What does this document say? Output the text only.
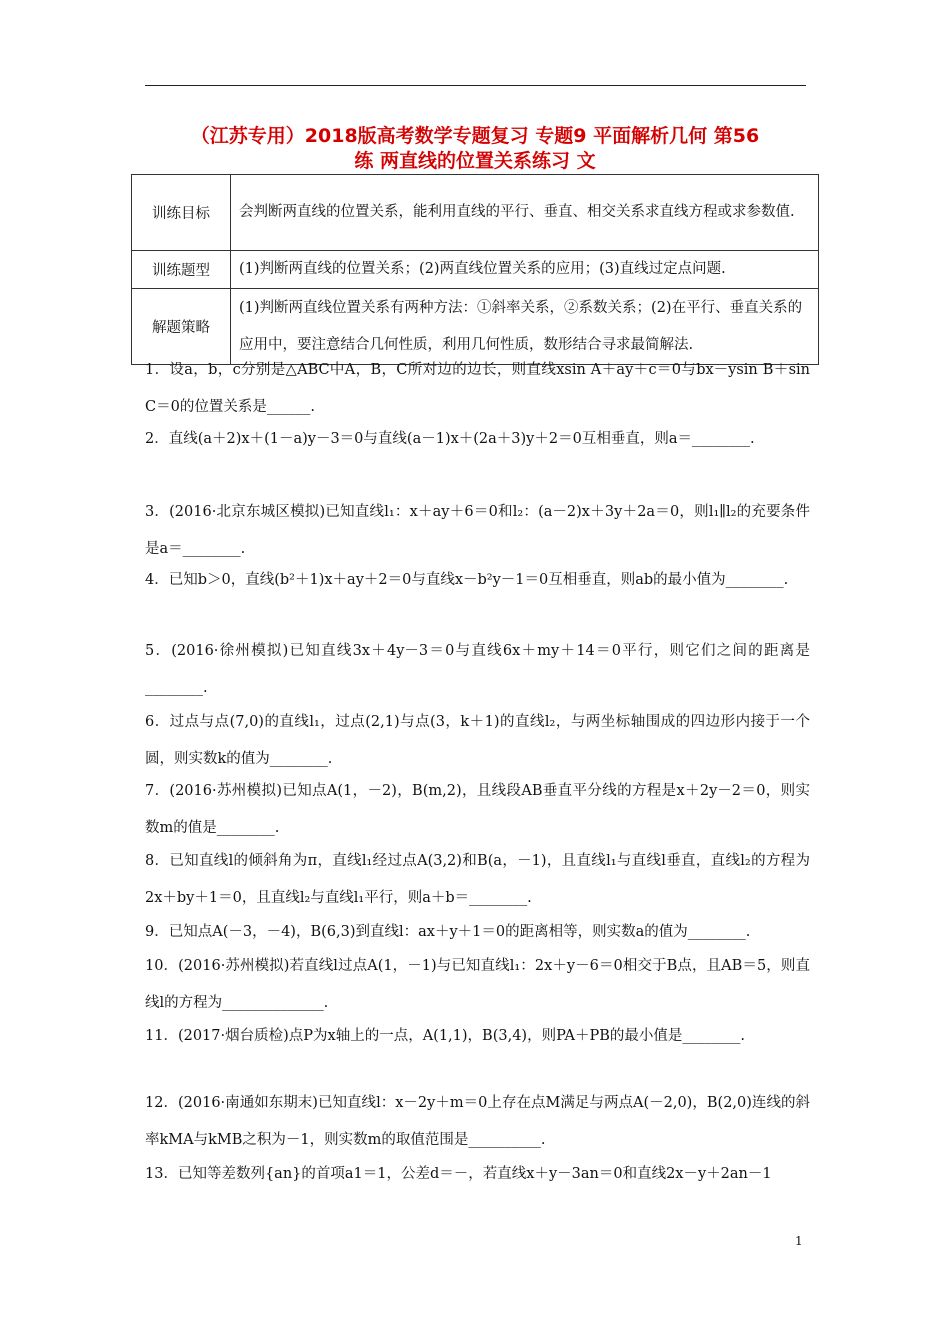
（江苏专用）2018版高考数学专题复习 专题9 平面解析几何 第56
练 两直线的位置关系练习 文
训练目标	会判断两直线的位置关系，能利用直线的平行、垂直、相交关系求直线方程或求参数值.
训练题型	(1)判断两直线的位置关系；(2)两直线位置关系的应用；(3)直线过定点问题.
解题策略	(1)判断两直线位置关系有两种方法：①斜率关系，②系数关系；(2)在平行、垂直关系的应用中，要注意结合几何性质，利用几何性质，数形结合寻求最简解法.
1．设a，b，c分别是△ABC中A，B，C所对边的边长，则直线xsin A＋ay＋c＝0与bx－ysin B＋sin C＝0的位置关系是______.
2．直线(a＋2)x＋(1－a)y－3＝0与直线(a－1)x＋(2a＋3)y＋2＝0互相垂直，则a＝________.
3．(2016·北京东城区模拟)已知直线l₁：x＋ay＋6＝0和l₂：(a－2)x＋3y＋2a＝0，则l₁∥l₂的充要条件是a＝________.
4．已知b＞0，直线(b²＋1)x＋ay＋2＝0与直线x－b²y－1＝0互相垂直，则ab的最小值为________.
5．(2016·徐州模拟)已知直线3x＋4y－3＝0与直线6x＋my＋14＝0平行，则它们之间的距离是________.
6．过点与点(7,0)的直线l₁，过点(2,1)与点(3，k＋1)的直线l₂，与两坐标轴围成的四边形内接于一个圆，则实数k的值为________.
7．(2016·苏州模拟)已知点A(1，－2)，B(m,2)，且线段AB垂直平分线的方程是x＋2y－2＝0，则实数m的值是________.
8．已知直线l的倾斜角为π，直线l₁经过点A(3,2)和B(a，－1)，且直线l₁与直线l垂直，直线l₂的方程为2x＋by＋1＝0，且直线l₂与直线l₁平行，则a＋b＝________.
9．已知点A(－3，－4)，B(6,3)到直线l：ax＋y＋1＝0的距离相等，则实数a的值为________.
10．(2016·苏州模拟)若直线l过点A(1，－1)与已知直线l₁：2x＋y－6＝0相交于B点，且AB＝5，则直线l的方程为______________.
11．(2017·烟台质检)点P为x轴上的一点，A(1,1)，B(3,4)，则PA＋PB的最小值是________.
12．(2016·南通如东期末)已知直线l：x－2y＋m＝0上存在点M满足与两点A(－2,0)，B(2,0)连线的斜率kMA与kMB之积为－1，则实数m的取值范围是__________.
13．已知等差数列{an}的首项a1＝1，公差d＝－，若直线x＋y－3an＝0和直线2x－y＋2an－1
1
